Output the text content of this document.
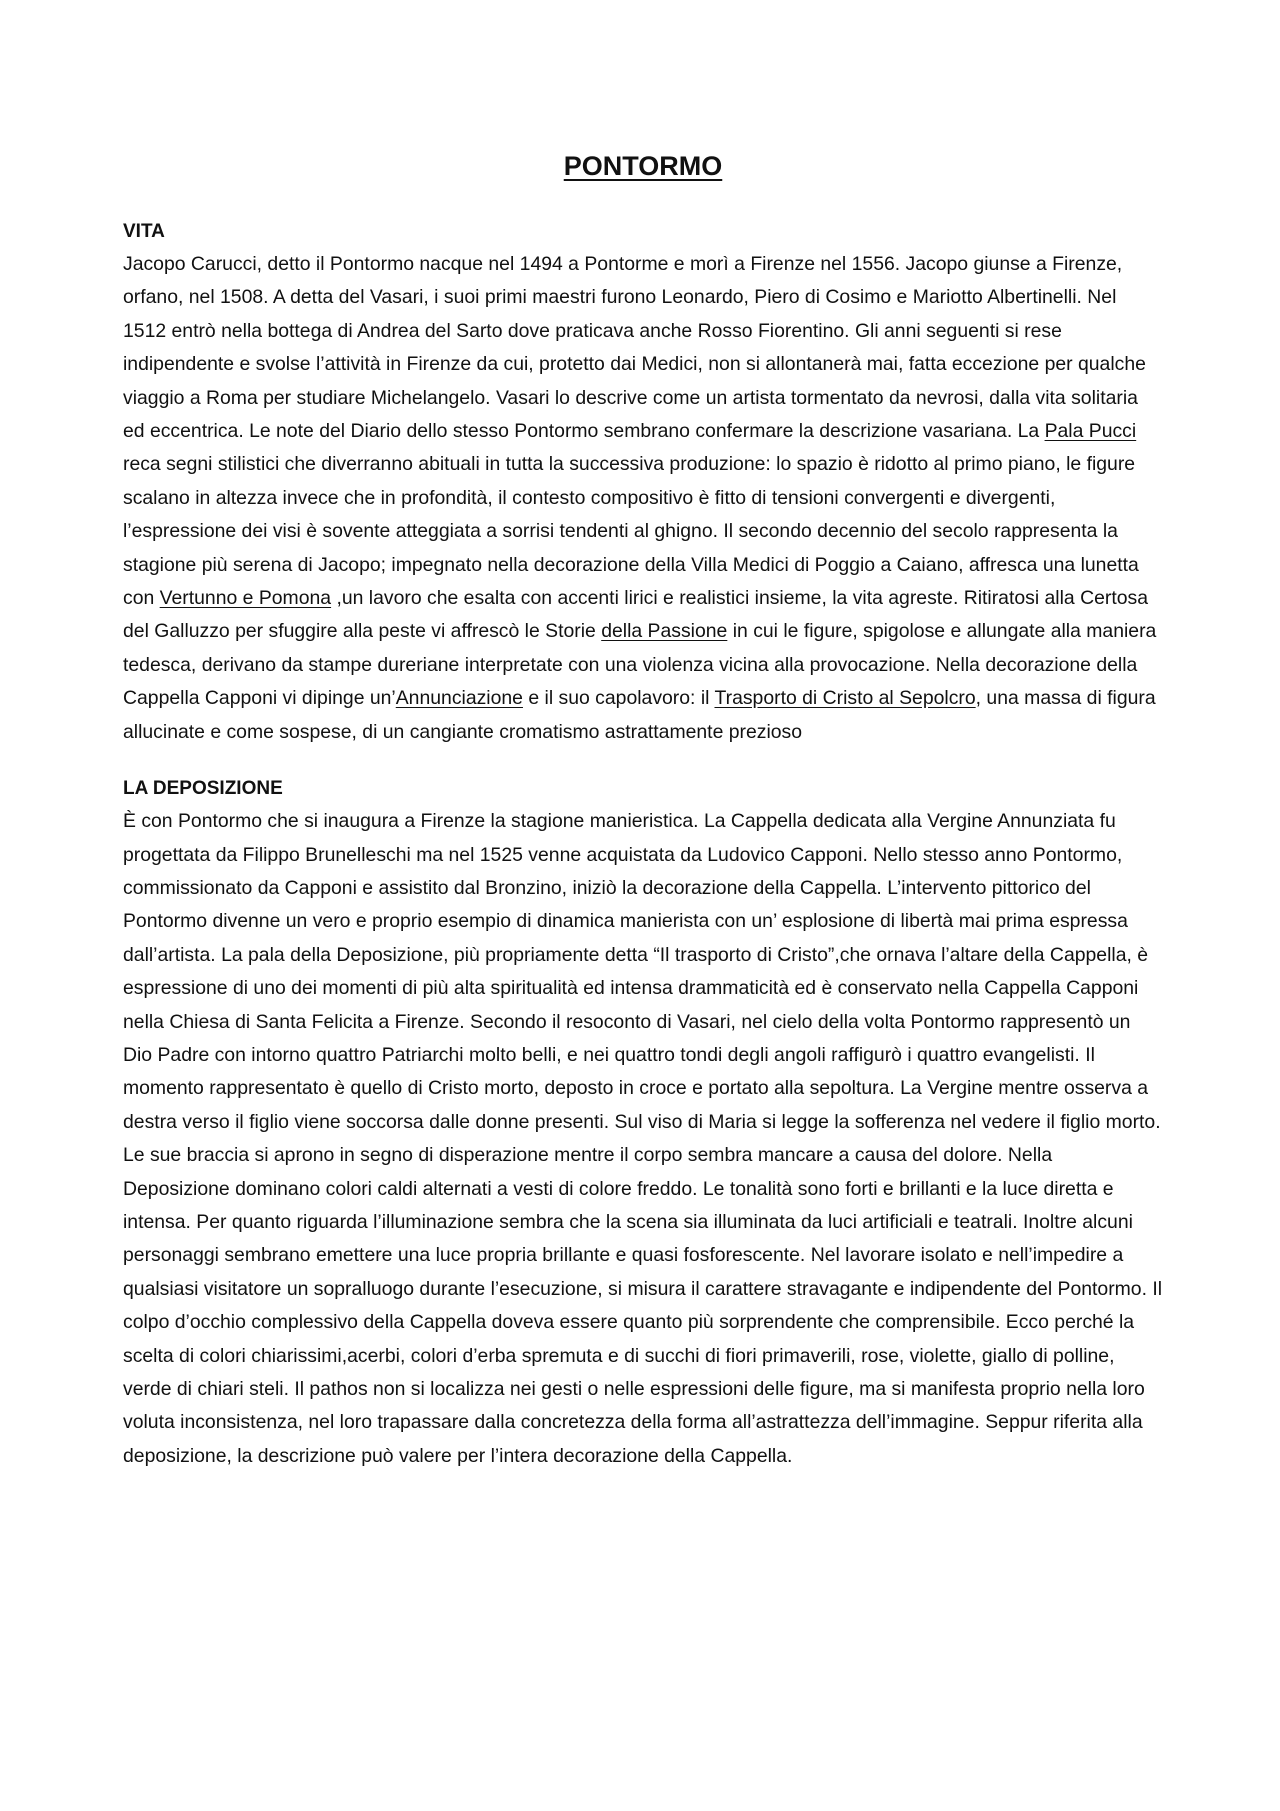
PONTORMO

VITA

Jacopo Carucci, detto il Pontormo nacque nel 1494 a Pontorme e morì a Firenze nel 1556. Jacopo giunse a Firenze, orfano, nel 1508. A detta del Vasari, i suoi primi maestri furono Leonardo, Piero di Cosimo e Mariotto Albertinelli. Nel 1512 entrò nella bottega di Andrea del Sarto dove praticava anche Rosso Fiorentino. Gli anni seguenti si rese indipendente e svolse l’attività in Firenze da cui, protetto dai Medici, non si allontanerà mai, fatta eccezione per qualche viaggio a Roma per studiare Michelangelo. Vasari lo descrive come un artista tormentato da nevrosi, dalla vita solitaria ed eccentrica. Le note del Diario dello stesso Pontormo sembrano confermare la descrizione vasariana. La Pala Pucci reca segni stilistici che diverranno abituali in tutta la successiva produzione: lo spazio è ridotto al primo piano, le figure scalano in altezza invece che in profondità, il contesto compositivo è fitto di tensioni convergenti e divergenti, l’espressione dei visi è sovente atteggiata a sorrisi tendenti al ghigno. Il secondo decennio del secolo rappresenta la stagione più serena di Jacopo; impegnato nella decorazione della Villa Medici di Poggio a Caiano, affresca una lunetta con Vertunno e Pomona ,un lavoro che esalta con accenti lirici e realistici insieme, la vita agreste. Ritiratosi alla Certosa del Galluzzo per sfuggire alla peste vi affrescò le Storie della Passione in cui le figure, spigolose e allungate alla maniera tedesca, derivano da stampe dureriane interpretate con una violenza vicina alla provocazione. Nella decorazione della Cappella Capponi vi dipinge un’Annunciazione e il suo capolavoro: il Trasporto di Cristo al Sepolcro, una massa di figura allucinate e come sospese, di un cangiante cromatismo astrattamente prezioso

LA DEPOSIZIONE

È con Pontormo che si inaugura a Firenze la stagione manieristica. La Cappella dedicata alla Vergine Annunziata fu progettata da Filippo Brunelleschi ma nel 1525 venne acquistata da Ludovico Capponi. Nello stesso anno Pontormo, commissionato da Capponi e assistito dal Bronzino, iniziò la decorazione della Cappella. L’intervento pittorico del Pontormo divenne un vero e proprio esempio di dinamica manierista con un’ esplosione di libertà mai prima espressa dall’artista. La pala della Deposizione, più propriamente detta “Il trasporto di Cristo”,che ornava l’altare della Cappella, è espressione di uno dei momenti di più alta spiritualità ed intensa drammaticità ed è conservato nella Cappella Capponi nella Chiesa di Santa Felicita a Firenze. Secondo il resoconto di Vasari, nel cielo della volta Pontormo rappresentò un Dio Padre con intorno quattro Patriarchi molto belli, e nei quattro tondi degli angoli raffigurò i quattro evangelisti. Il momento rappresentato è quello di Cristo morto, deposto in croce e portato alla sepoltura. La Vergine mentre osserva a destra verso il figlio viene soccorsa dalle donne presenti. Sul viso di Maria si legge la sofferenza nel vedere il figlio morto. Le sue braccia si aprono in segno di disperazione mentre il corpo sembra mancare a causa del dolore. Nella Deposizione dominano colori caldi alternati a vesti di colore freddo. Le tonalità sono forti e brillanti e la luce diretta e intensa. Per quanto riguarda l’illuminazione sembra che la scena sia illuminata da luci artificiali e teatrali. Inoltre alcuni personaggi sembrano emettere una luce propria brillante e quasi fosforescente. Nel lavorare isolato e nell’impedire a qualsiasi visitatore un sopralluogo durante l’esecuzione, si misura il carattere stravagante e indipendente del Pontormo. Il colpo d’occhio complessivo della Cappella doveva essere quanto più sorprendente che comprensibile. Ecco perché la scelta di colori chiarissimi,acerbi, colori d’erba spremuta e di succhi di fiori primaverili, rose, violette, giallo di polline, verde di chiari steli. Il pathos non si localizza nei gesti o nelle espressioni delle figure, ma si manifesta proprio nella loro voluta inconsistenza, nel loro trapassare dalla concretezza della forma all’astrattezza dell’immagine. Seppur riferita alla deposizione, la descrizione può valere per l’intera decorazione della Cappella.
